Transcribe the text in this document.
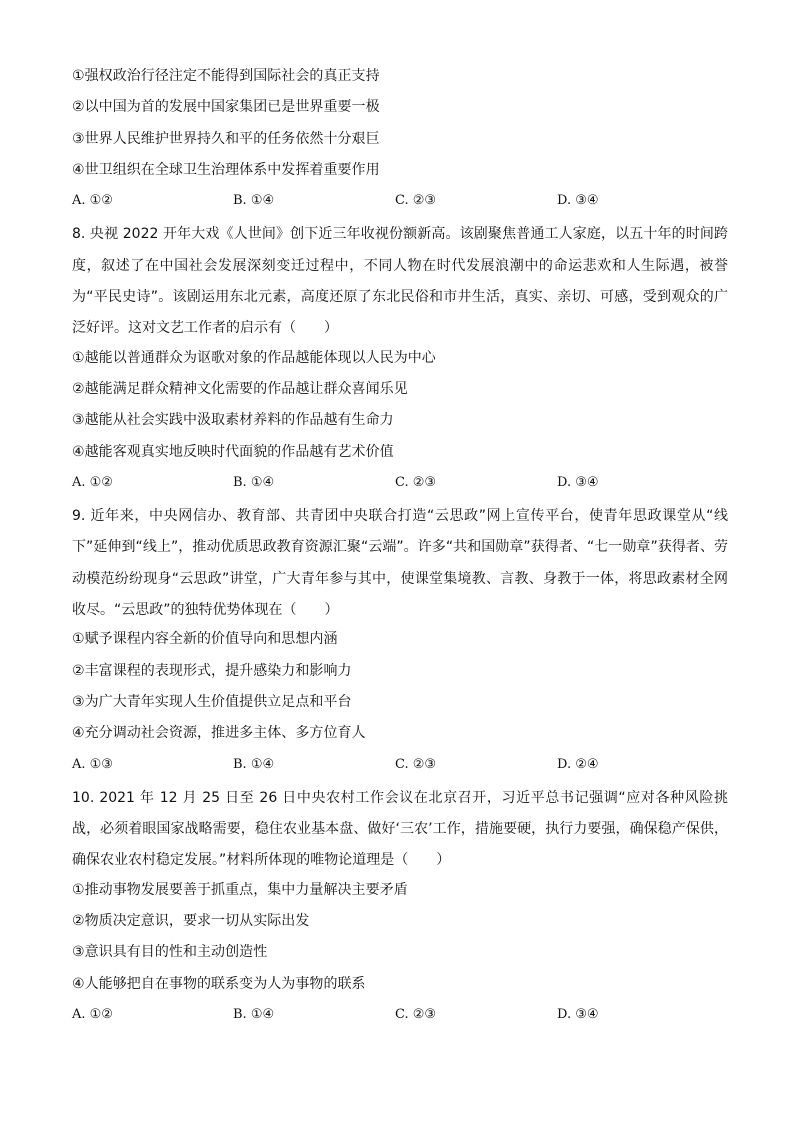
①强权政治行径注定不能得到国际社会的真正支持
②以中国为首的发展中国家集团已是世界重要一极
③世界人民维护世界持久和平的任务依然十分艰巨
④世卫组织在全球卫生治理体系中发挥着重要作用
A. ①②	B. ①④	C. ②③	D. ③④
8. 央视 2022 开年大戏《人世间》创下近三年收视份额新高。该剧聚焦普通工人家庭，以五十年的时间跨度，叙述了在中国社会发展深刻变迁过程中，不同人物在时代发展浪潮中的命运悲欢和人生际遇，被誉为“平民史诗”。该剧运用东北元素，高度还原了东北民俗和市井生活，真实、亲切、可感，受到观众的广泛好评。这对文艺工作者的启示有（　　）
①越能以普通群众为讴歌对象的作品越能体现以人民为中心
②越能满足群众精神文化需要的作品越让群众喜闻乐见
③越能从社会实践中汲取素材养料的作品越有生命力
④越能客观真实地反映时代面貌的作品越有艺术价值
A. ①②	B. ①④	C. ②③	D. ③④
9. 近年来，中央网信办、教育部、共青团中央联合打造“云思政”网上宣传平台，使青年思政课堂从“线下”延伸到“线上”，推动优质思政教育资源汇聚“云端”。许多“共和国勋章”获得者、“七一勋章”获得者、劳动模范纷纷现身“云思政”讲堂，广大青年参与其中，使课堂集境教、言教、身教于一体，将思政素材全网收尽。“云思政”的独特优势体现在（　　）
①赋予课程内容全新的价值导向和思想内涵
②丰富课程的表现形式，提升感染力和影响力
③为广大青年实现人生价值提供立足点和平台
④充分调动社会资源，推进多主体、多方位育人
A. ①③	B. ①④	C. ②③	D. ②④
10. 2021 年 12 月 25 日至 26 日中央农村工作会议在北京召开，习近平总书记强调“应对各种风险挑战，必须着眼国家战略需要，稳住农业基本盘、做好‘三农’工作，措施要硬，执行力要强，确保稳产保供，确保农业农村稳定发展。”材料所体现的唯物论道理是（　　）
①推动事物发展要善于抓重点，集中力量解决主要矛盾
②物质决定意识，要求一切从实际出发
③意识具有目的性和主动创造性
④人能够把自在事物的联系变为人为事物的联系
A. ①②	B. ①④	C. ②③	D. ③④
